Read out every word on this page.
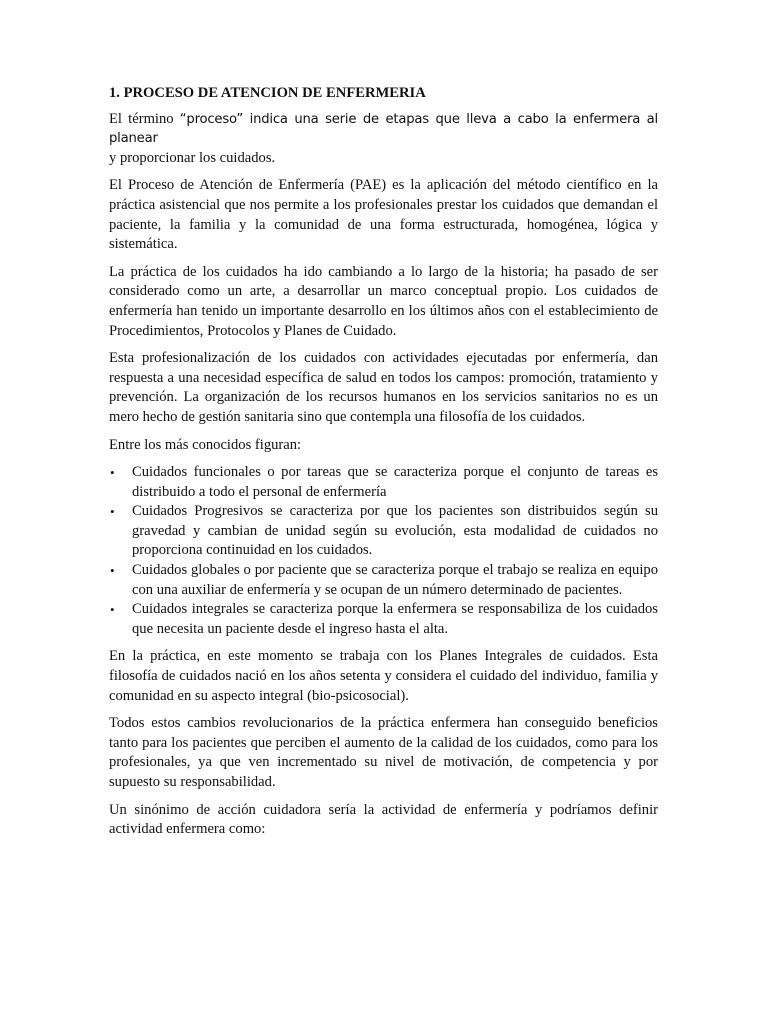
1. PROCESO DE ATENCION DE ENFERMERIA

El término “proceso” indica una serie de etapas que lleva a cabo la enfermera al planear
y proporcionar los cuidados.

El Proceso de Atención de Enfermería (PAE) es la aplicación del método científico en la práctica asistencial que nos permite a los profesionales prestar los cuidados que demandan el paciente, la familia y la comunidad de una forma estructurada, homogénea, lógica y sistemática.

La práctica de los cuidados ha ido cambiando a lo largo de la historia; ha pasado de ser considerado como un arte, a desarrollar un marco conceptual propio. Los cuidados de enfermería han tenido un importante desarrollo en los últimos años con el establecimiento de Procedimientos, Protocolos y Planes de Cuidado.

Esta profesionalización de los cuidados con actividades ejecutadas por enfermería, dan respuesta a una necesidad específica de salud en todos los campos: promoción, tratamiento y prevención. La organización de los recursos humanos en los servicios sanitarios no es un mero hecho de gestión sanitaria sino que contempla una filosofía de los cuidados.

Entre los más conocidos figuran:

• Cuidados funcionales o por tareas que se caracteriza porque el conjunto de tareas es distribuido a todo el personal de enfermería
• Cuidados Progresivos se caracteriza por que los pacientes son distribuidos según su gravedad y cambian de unidad según su evolución, esta modalidad de cuidados no proporciona continuidad en los cuidados.
• Cuidados globales o por paciente que se caracteriza porque el trabajo se realiza en equipo con una auxiliar de enfermería y se ocupan de un número determinado de pacientes.
• Cuidados integrales se caracteriza porque la enfermera se responsabiliza de los cuidados que necesita un paciente desde el ingreso hasta el alta.

En la práctica, en este momento se trabaja con los Planes Integrales de cuidados. Esta filosofía de cuidados nació en los años setenta y considera el cuidado del individuo, familia y comunidad en su aspecto integral (bio-psicosocial).

Todos estos cambios revolucionarios de la práctica enfermera han conseguido beneficios tanto para los pacientes que perciben el aumento de la calidad de los cuidados, como para los profesionales, ya que ven incrementado su nivel de motivación, de competencia y por supuesto su responsabilidad.

Un sinónimo de acción cuidadora sería la actividad de enfermería y podríamos definir actividad enfermera como:
